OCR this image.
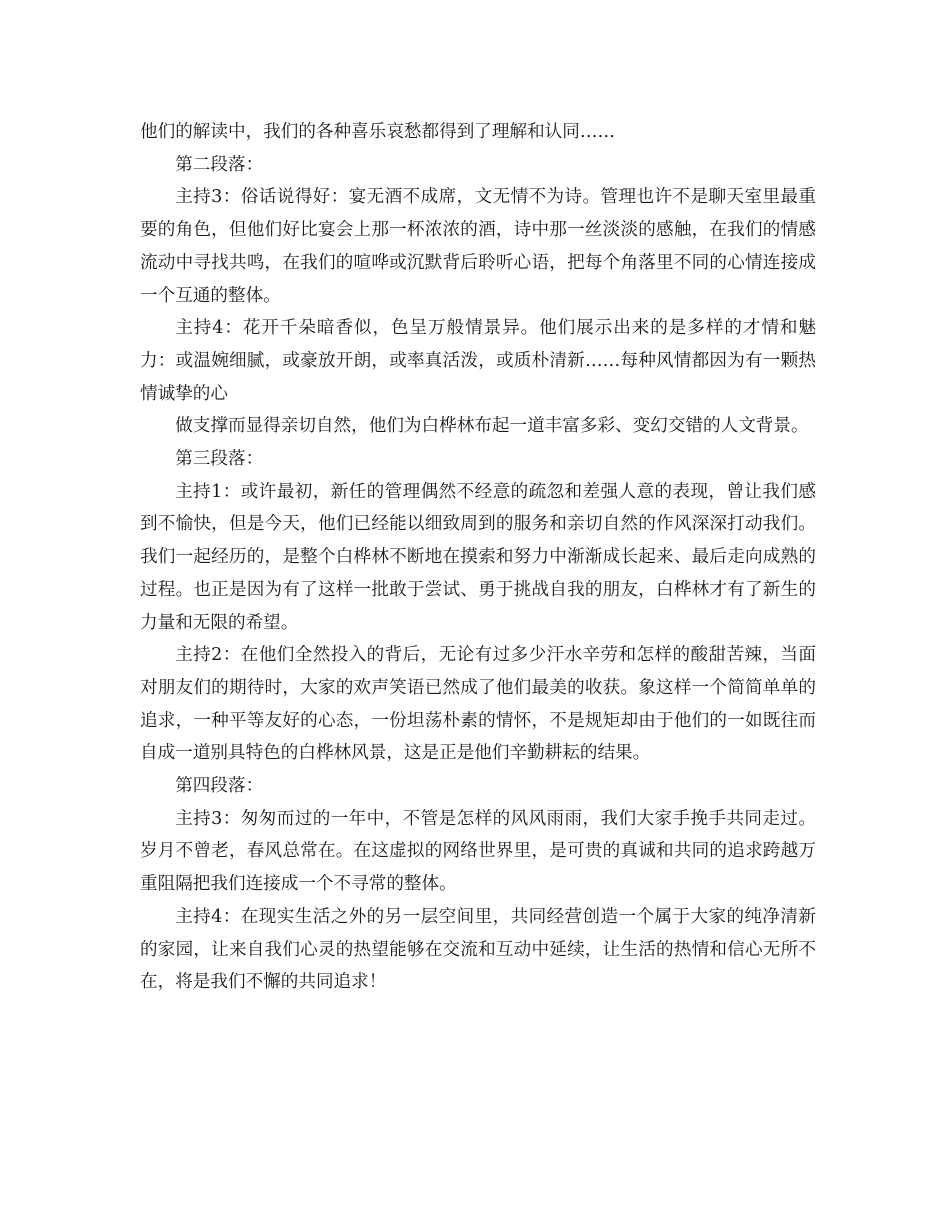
他们的解读中，我们的各种喜乐哀愁都得到了理解和认同……

第二段落：

主持3：俗话说得好：宴无酒不成席，文无情不为诗。管理也许不是聊天室里最重要的角色，但他们好比宴会上那一杯浓浓的酒，诗中那一丝淡淡的感触，在我们的情感流动中寻找共鸣，在我们的喧哗或沉默背后聆听心语，把每个角落里不同的心情连接成一个互通的整体。

主持4：花开千朵暗香似，色呈万般情景异。他们展示出来的是多样的才情和魅力：或温婉细腻，或豪放开朗，或率真活泼，或质朴清新……每种风情都因为有一颗热情诚挚的心

做支撑而显得亲切自然，他们为白桦林布起一道丰富多彩、变幻交错的人文背景。

第三段落：

主持1：或许最初，新任的管理偶然不经意的疏忽和差强人意的表现，曾让我们感到不愉快，但是今天，他们已经能以细致周到的服务和亲切自然的作风深深打动我们。我们一起经历的，是整个白桦林不断地在摸索和努力中渐渐成长起来、最后走向成熟的过程。也正是因为有了这样一批敢于尝试、勇于挑战自我的朋友，白桦林才有了新生的力量和无限的希望。

主持2：在他们全然投入的背后，无论有过多少汗水辛劳和怎样的酸甜苦辣，当面对朋友们的期待时，大家的欢声笑语已然成了他们最美的收获。象这样一个简简单单的追求，一种平等友好的心态，一份坦荡朴素的情怀，不是规矩却由于他们的一如既往而自成一道别具特色的白桦林风景，这是正是他们辛勤耕耘的结果。

第四段落：

主持3：匆匆而过的一年中，不管是怎样的风风雨雨，我们大家手挽手共同走过。岁月不曾老，春风总常在。在这虚拟的网络世界里，是可贵的真诚和共同的追求跨越万重阻隔把我们连接成一个不寻常的整体。

主持4：在现实生活之外的另一层空间里，共同经营创造一个属于大家的纯净清新的家园，让来自我们心灵的热望能够在交流和互动中延续，让生活的热情和信心无所不在，将是我们不懈的共同追求！
